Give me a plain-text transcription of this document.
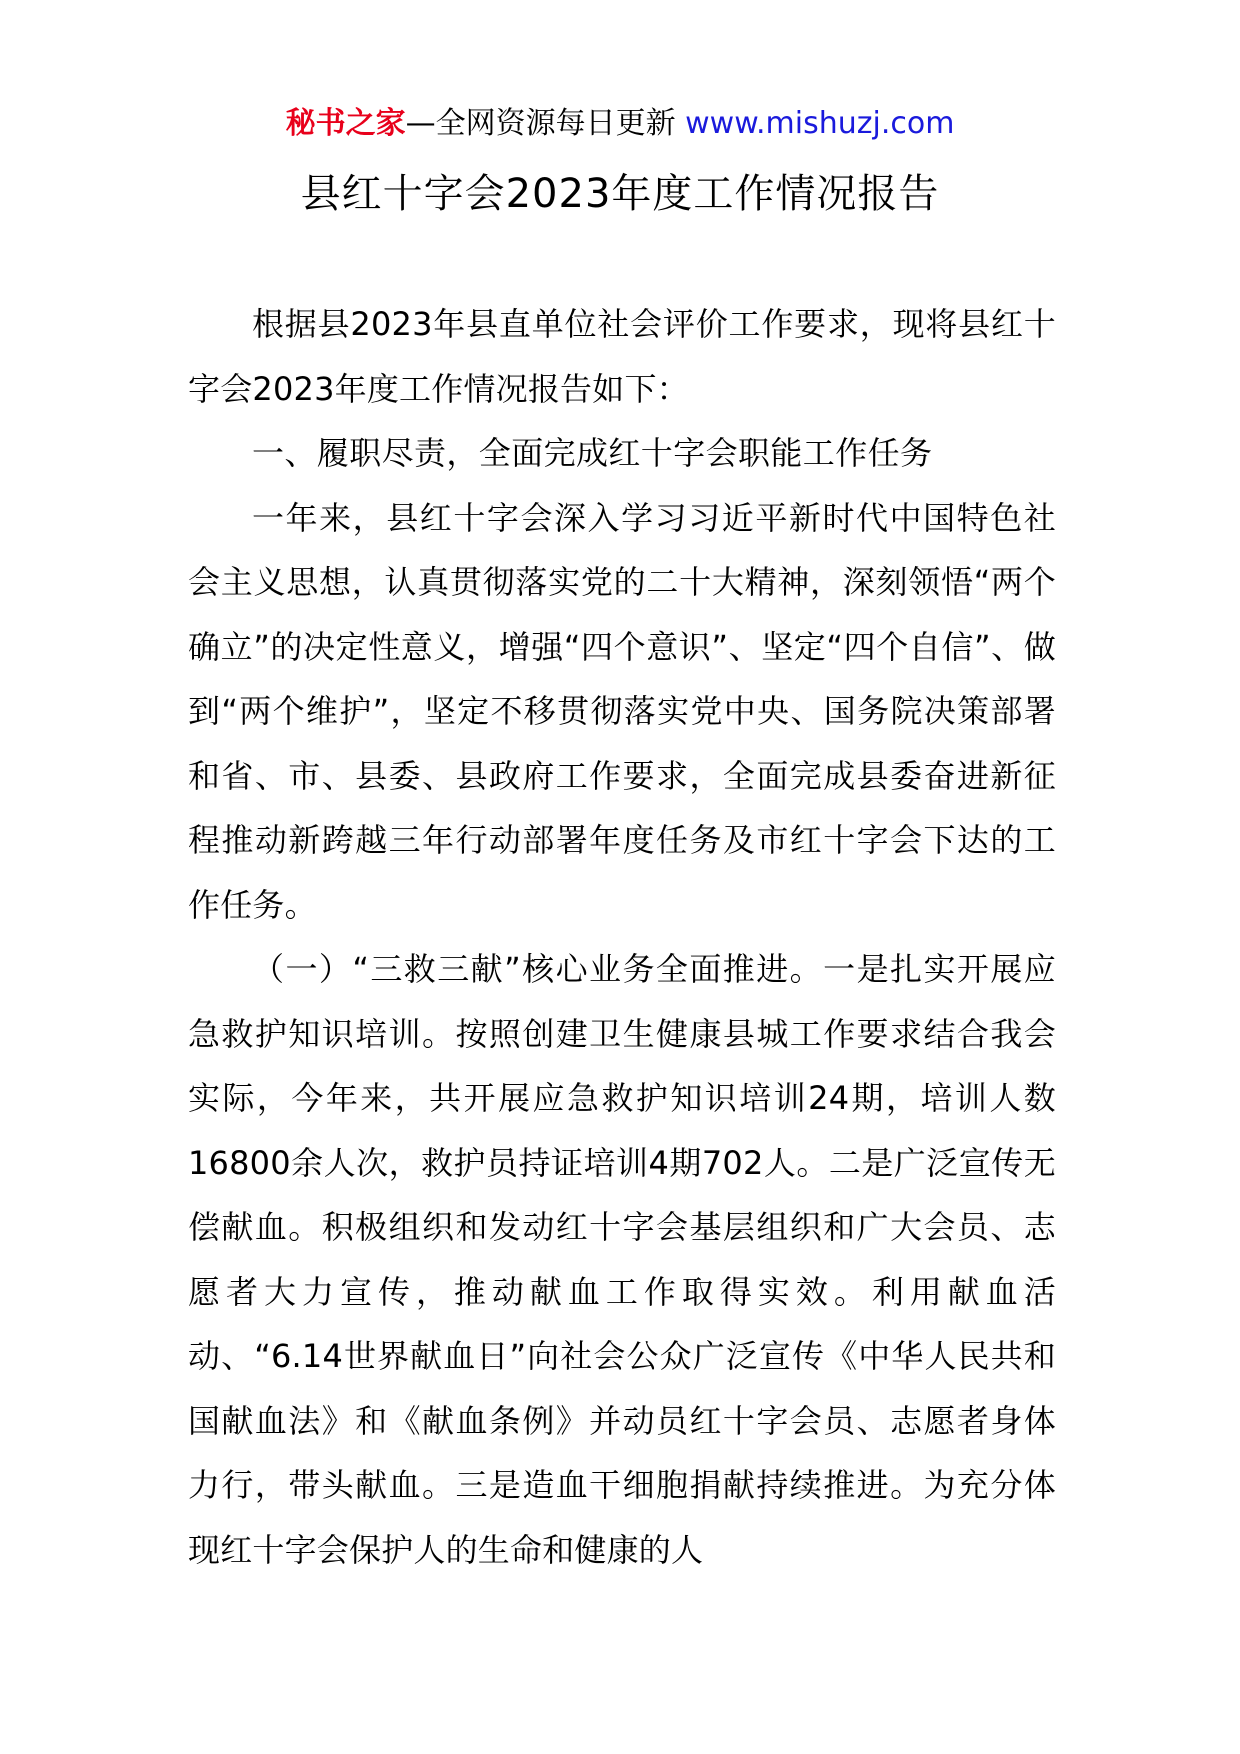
秘书之家—全网资源每日更新 www.mishuzj.com
县红十字会2023年度工作情况报告

根据县2023年县直单位社会评价工作要求，现将县红十字会2023年度工作情况报告如下：

一、履职尽责，全面完成红十字会职能工作任务

一年来，县红十字会深入学习习近平新时代中国特色社会主义思想，认真贯彻落实党的二十大精神，深刻领悟“两个确立”的决定性意义，增强“四个意识”、坚定“四个自信”、做到“两个维护”，坚定不移贯彻落实党中央、国务院决策部署和省、市、县委、县政府工作要求，全面完成县委奋进新征程推动新跨越三年行动部署年度任务及市红十字会下达的工作任务。

（一）“三救三献”核心业务全面推进。一是扎实开展应急救护知识培训。按照创建卫生健康县城工作要求结合我会实际，今年来，共开展应急救护知识培训24期，培训人数16800余人次，救护员持证培训4期702人。二是广泛宣传无偿献血。积极组织和发动红十字会基层组织和广大会员、志愿者大力宣传，推动献血工作取得实效。利用献血活动、“6.14世界献血日”向社会公众广泛宣传《中华人民共和国献血法》和《献血条例》并动员红十字会员、志愿者身体力行，带头献血。三是造血干细胞捐献持续推进。为充分体现红十字会保护人的生命和健康的人
